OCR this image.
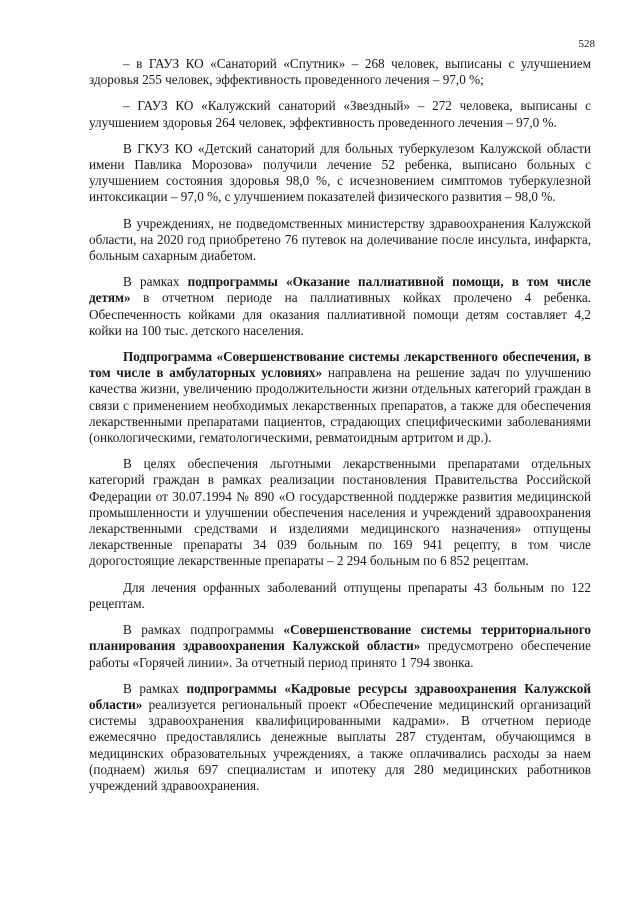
528

– в ГАУЗ КО «Санаторий «Спутник» – 268 человек, выписаны с улучшением здоровья 255 человек, эффективность проведенного лечения – 97,0 %;

– ГАУЗ КО «Калужский санаторий «Звездный» – 272 человека, выписаны с улучшением здоровья 264 человек, эффективность проведенного лечения – 97,0 %.

В ГКУЗ КО «Детский санаторий для больных туберкулезом Калужской области имени Павлика Морозова» получили лечение 52 ребенка, выписано больных с улучшением состояния здоровья 98,0 %, с исчезновением симптомов туберкулезной интоксикации – 97,0 %, с улучшением показателей физического развития – 98,0 %.

В учреждениях, не подведомственных министерству здравоохранения Калужской области, на 2020 год приобретено 76 путевок на долечивание после инсульта, инфаркта, больным сахарным диабетом.

В рамках подпрограммы «Оказание паллиативной помощи, в том числе детям» в отчетном периоде на паллиативных койках пролечено 4 ребенка. Обеспеченность койками для оказания паллиативной помощи детям составляет 4,2 койки на 100 тыс. детского населения.

Подпрограмма «Совершенствование системы лекарственного обеспечения, в том числе в амбулаторных условиях» направлена на решение задач по улучшению качества жизни, увеличению продолжительности жизни отдельных категорий граждан в связи с применением необходимых лекарственных препаратов, а также для обеспечения лекарственными препаратами пациентов, страдающих специфическими заболеваниями (онкологическими, гематологическими, ревматоидным артритом и др.).

В целях обеспечения льготными лекарственными препаратами отдельных категорий граждан в рамках реализации постановления Правительства Российской Федерации от 30.07.1994 № 890 «О государственной поддержке развития медицинской промышленности и улучшении обеспечения населения и учреждений здравоохранения лекарственными средствами и изделиями медицинского назначения» отпущены лекарственные препараты 34 039 больным по 169 941 рецепту, в том числе дорогостоящие лекарственные препараты – 2 294 больным по 6 852 рецептам.

Для лечения орфанных заболеваний отпущены препараты 43 больным по 122 рецептам.

В рамках подпрограммы «Совершенствование системы территориального планирования здравоохранения Калужской области» предусмотрено обеспечение работы «Горячей линии». За отчетный период принято 1 794 звонка.

В рамках подпрограммы «Кадровые ресурсы здравоохранения Калужской области» реализуется региональный проект «Обеспечение медицинский организаций системы здравоохранения квалифицированными кадрами». В отчетном периоде ежемесячно предоставлялись денежные выплаты 287 студентам, обучающимся в медицинских образовательных учреждениях, а также оплачивались расходы за наем (поднаем) жилья 697 специалистам и ипотеку для 280 медицинских работников учреждений здравоохранения.
